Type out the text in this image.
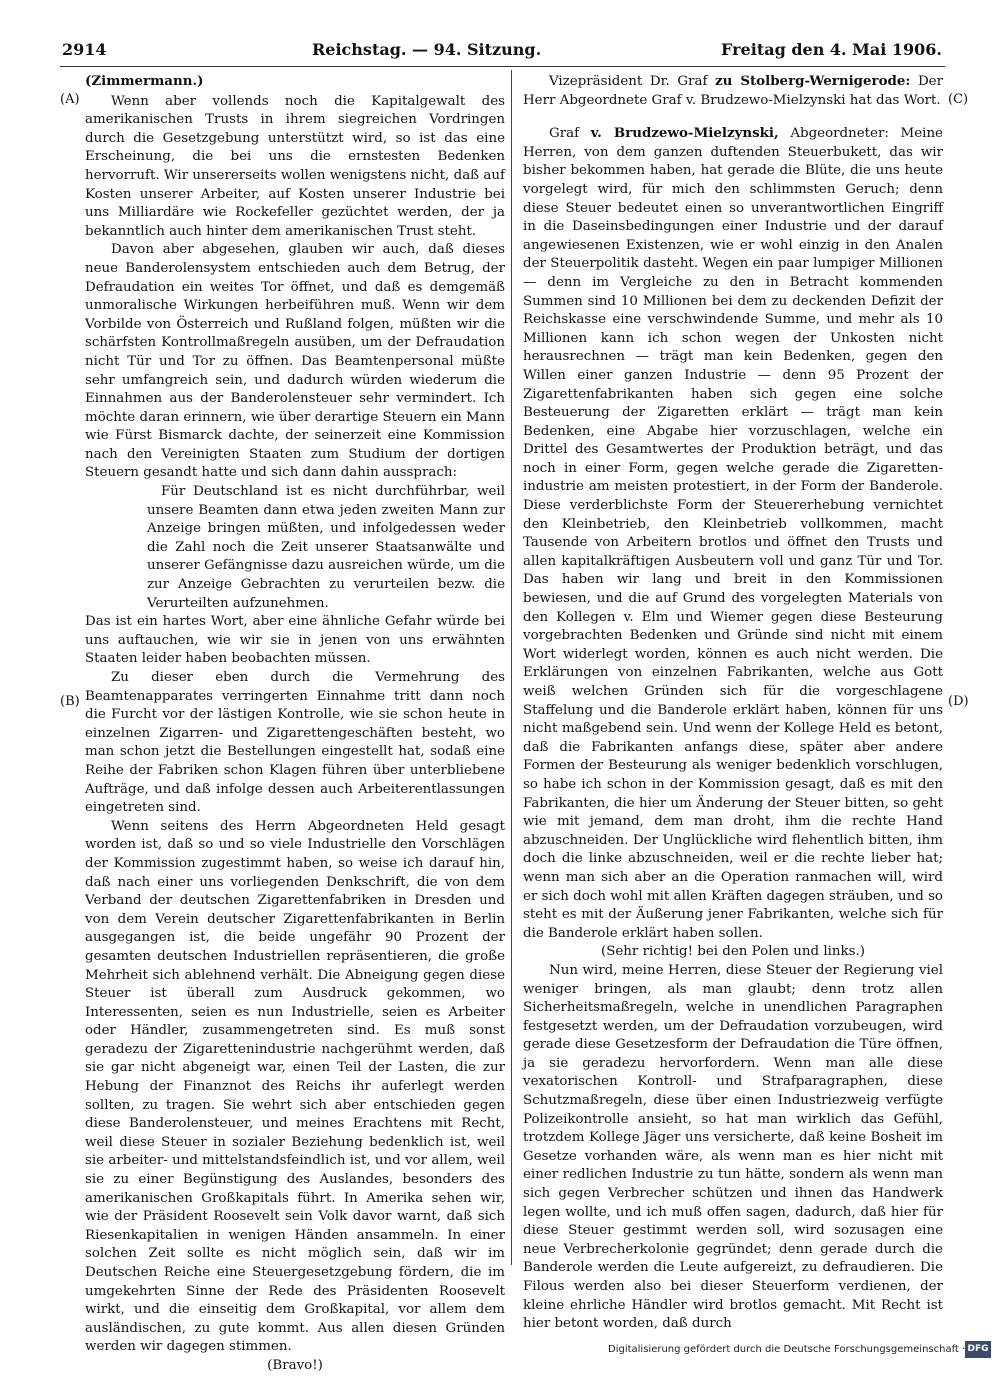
2914	Reichstag. — 94. Sitzung.	Freitag den 4. Mai 1906.
(A)
(B)
(C)
(D)

(Zimmermann.)

Wenn aber vollends noch die Kapitalgewalt des amerikanischen Trusts in ihrem siegreichen Vordringen durch die Gesetzgebung unterstützt wird, so ist das eine Erscheinung, die bei uns die ernstesten Bedenken hervorruft. Wir unsererseits wollen wenigstens nicht, daß auf Kosten unserer Arbeiter, auf Kosten unserer Industrie bei uns Milliardäre wie Rockefeller gezüchtet werden, der ja bekanntlich auch hinter dem amerikanischen Trust steht.

Davon aber abgesehen, glauben wir auch, daß dieses neue Banderolensystem entschieden auch dem Betrug, der Defraudation ein weites Tor öffnet, und daß es demgemäß unmoralische Wirkungen herbeiführen muß. Wenn wir dem Vorbilde von Österreich und Rußland folgen, müßten wir die schärfsten Kontrollmaßregeln ausüben, um der Defraudation nicht Tür und Tor zu öffnen. Das Beamtenpersonal müßte sehr umfangreich sein, und dadurch würden wiederum die Einnahmen aus der Banderolensteuer sehr vermindert. Ich möchte daran erinnern, wie über derartige Steuern ein Mann wie Fürst Bismarck dachte, der seinerzeit eine Kommission nach den Vereinigten Staaten zum Studium der dortigen Steuern gesandt hatte und sich dann dahin aussprach:

Für Deutschland ist es nicht durchführbar, weil unsere Beamten dann etwa jeden zweiten Mann zur Anzeige bringen müßten, und infolgedessen weder die Zahl noch die Zeit unserer Staatsanwälte und unserer Gefängnisse dazu ausreichen würde, um die zur Anzeige Gebrachten zu verurteilen bezw. die Verurteilten aufzunehmen.

Das ist ein hartes Wort, aber eine ähnliche Gefahr würde bei uns auftauchen, wie wir sie in jenen von uns erwähnten Staaten leider haben beobachten müssen.

Zu dieser eben durch die Vermehrung des Beamtenapparates verringerten Einnahme tritt dann noch die Furcht vor der lästigen Kontrolle, wie sie schon heute in einzelnen Zigarren- und Zigarettengeschäften besteht, wo man schon jetzt die Bestellungen eingestellt hat, sodaß eine Reihe der Fabriken schon Klagen führen über unterbliebene Aufträge, und daß infolge dessen auch Arbeiterentlassungen eingetreten sind.

Wenn seitens des Herrn Abgeordneten Held gesagt worden ist, daß so und so viele Industrielle den Vorschlägen der Kommission zugestimmt haben, so weise ich darauf hin, daß nach einer uns vorliegenden Denkschrift, die von dem Verband der deutschen Zigarettenfabriken in Dresden und von dem Verein deutscher Zigarettenfabrikanten in Berlin ausgegangen ist, die beide ungefähr 90 Prozent der gesamten deutschen Industriellen repräsentieren, die große Mehrheit sich ablehnend verhält. Die Abneigung gegen diese Steuer ist überall zum Ausdruck gekommen, wo Interessenten, seien es nun Industrielle, seien es Arbeiter oder Händler, zusammengetreten sind. Es muß sonst geradezu der Zigarettenindustrie nachgerühmt werden, daß sie gar nicht abgeneigt war, einen Teil der Lasten, die zur Hebung der Finanznot des Reichs ihr auferlegt werden sollten, zu tragen. Sie wehrt sich aber entschieden gegen diese Banderolensteuer, und meines Erachtens mit Recht, weil diese Steuer in sozialer Beziehung bedenklich ist, weil sie arbeiter- und mittelstandsfeindlich ist, und vor allem, weil sie zu einer Begünstigung des Auslandes, besonders des amerikanischen Großkapitals führt. In Amerika sehen wir, wie der Präsident Roosevelt sein Volk davor warnt, daß sich Riesenkapitalien in wenigen Händen ansammeln. In einer solchen Zeit sollte es nicht möglich sein, daß wir im Deutschen Reiche eine Steuergesetzgebung fördern, die im umgekehrten Sinne der Rede des Präsidenten Roosevelt wirkt, und die einseitig dem Großkapital, vor allem dem ausländischen, zu gute kommt. Aus allen diesen Gründen werden wir dagegen stimmen.

(Bravo!)

Vizepräsident Dr. Graf zu Stolberg-Wernigerode: Der Herr Abgeordnete Graf v. Brudzewo-Mielzynski hat das Wort.

Graf v. Brudzewo-Mielzynski, Abgeordneter: Meine Herren, von dem ganzen duftenden Steuerbukett, das wir bisher bekommen haben, hat gerade die Blüte, die uns heute vorgelegt wird, für mich den schlimmsten Geruch; denn diese Steuer bedeutet einen so unverantwortlichen Eingriff in die Daseinsbedingungen einer Industrie und der darauf angewiesenen Existenzen, wie er wohl einzig in den Analen der Steuerpolitik dasteht. Wegen ein paar lumpiger Millionen — denn im Vergleiche zu den in Betracht kommenden Summen sind 10 Millionen bei dem zu deckenden Defizit der Reichskasse eine verschwindende Summe, und mehr als 10 Millionen kann ich schon wegen der Unkosten nicht herausrechnen — trägt man kein Bedenken, gegen den Willen einer ganzen Industrie — denn 95 Prozent der Zigarettenfabrikanten haben sich gegen eine solche Besteuerung der Zigaretten erklärt — trägt man kein Bedenken, eine Abgabe hier vorzuschlagen, welche ein Drittel des Gesamtwertes der Produktion beträgt, und das noch in einer Form, gegen welche gerade die Zigarettenindustrie am meisten protestiert, in der Form der Banderole. Diese verderblichste Form der Steuererhebung vernichtet den Kleinbetrieb, den Kleinbetrieb vollkommen, macht Tausende von Arbeitern brotlos und öffnet den Trusts und allen kapitalkräftigen Ausbeutern voll und ganz Tür und Tor. Das haben wir lang und breit in den Kommissionen bewiesen, und die auf Grund des vorgelegten Materials von den Kollegen v. Elm und Wiemer gegen diese Besteurung vorgebrachten Bedenken und Gründe sind nicht mit einem Wort widerlegt worden, können es auch nicht werden. Die Erklärungen von einzelnen Fabrikanten, welche aus Gott weiß welchen Gründen sich für die vorgeschlagene Staffelung und die Banderole erklärt haben, können für uns nicht maßgebend sein. Und wenn der Kollege Held es betont, daß die Fabrikanten anfangs diese, später aber andere Formen der Besteurung als weniger bedenklich vorschlugen, so habe ich schon in der Kommission gesagt, daß es mit den Fabrikanten, die hier um Änderung der Steuer bitten, so geht wie mit jemand, dem man droht, ihm die rechte Hand abzuschneiden. Der Unglückliche wird flehentlich bitten, ihm doch die linke abzuschneiden, weil er die rechte lieber hat; wenn man sich aber an die Operation ranmachen will, wird er sich doch wohl mit allen Kräften dagegen sträuben, und so steht es mit der Äußerung jener Fabrikanten, welche sich für die Banderole erklärt haben sollen.

(Sehr richtig! bei den Polen und links.)

Nun wird, meine Herren, diese Steuer der Regierung viel weniger bringen, als man glaubt; denn trotz allen Sicherheitsmaßregeln, welche in unendlichen Paragraphen festgesetzt werden, um der Defraudation vorzubeugen, wird gerade diese Gesetzesform der Defraudation die Türe öffnen, ja sie geradezu hervorfordern. Wenn man alle diese vexatorischen Kontroll- und Strafparagraphen, diese Schutzmaßregeln, diese über einen Industriezweig verfügte Polizeikontrolle ansieht, so hat man wirklich das Gefühl, trotzdem Kollege Jäger uns versicherte, daß keine Bosheit im Gesetze vorhanden wäre, als wenn man es hier nicht mit einer redlichen Industrie zu tun hätte, sondern als wenn man sich gegen Verbrecher schützen und ihnen das Handwerk legen wollte, und ich muß offen sagen, dadurch, daß hier für diese Steuer gestimmt werden soll, wird sozusagen eine neue Verbrecherkolonie gegründet; denn gerade durch die Banderole werden die Leute aufgereizt, zu defraudieren. Die Filous werden also bei dieser Steuerform verdienen, der kleine ehrliche Händler wird brotlos gemacht. Mit Recht ist hier betont worden, daß durch

Digitalisierung gefördert durch die Deutsche Forschungsgemeinschaft · DFG
